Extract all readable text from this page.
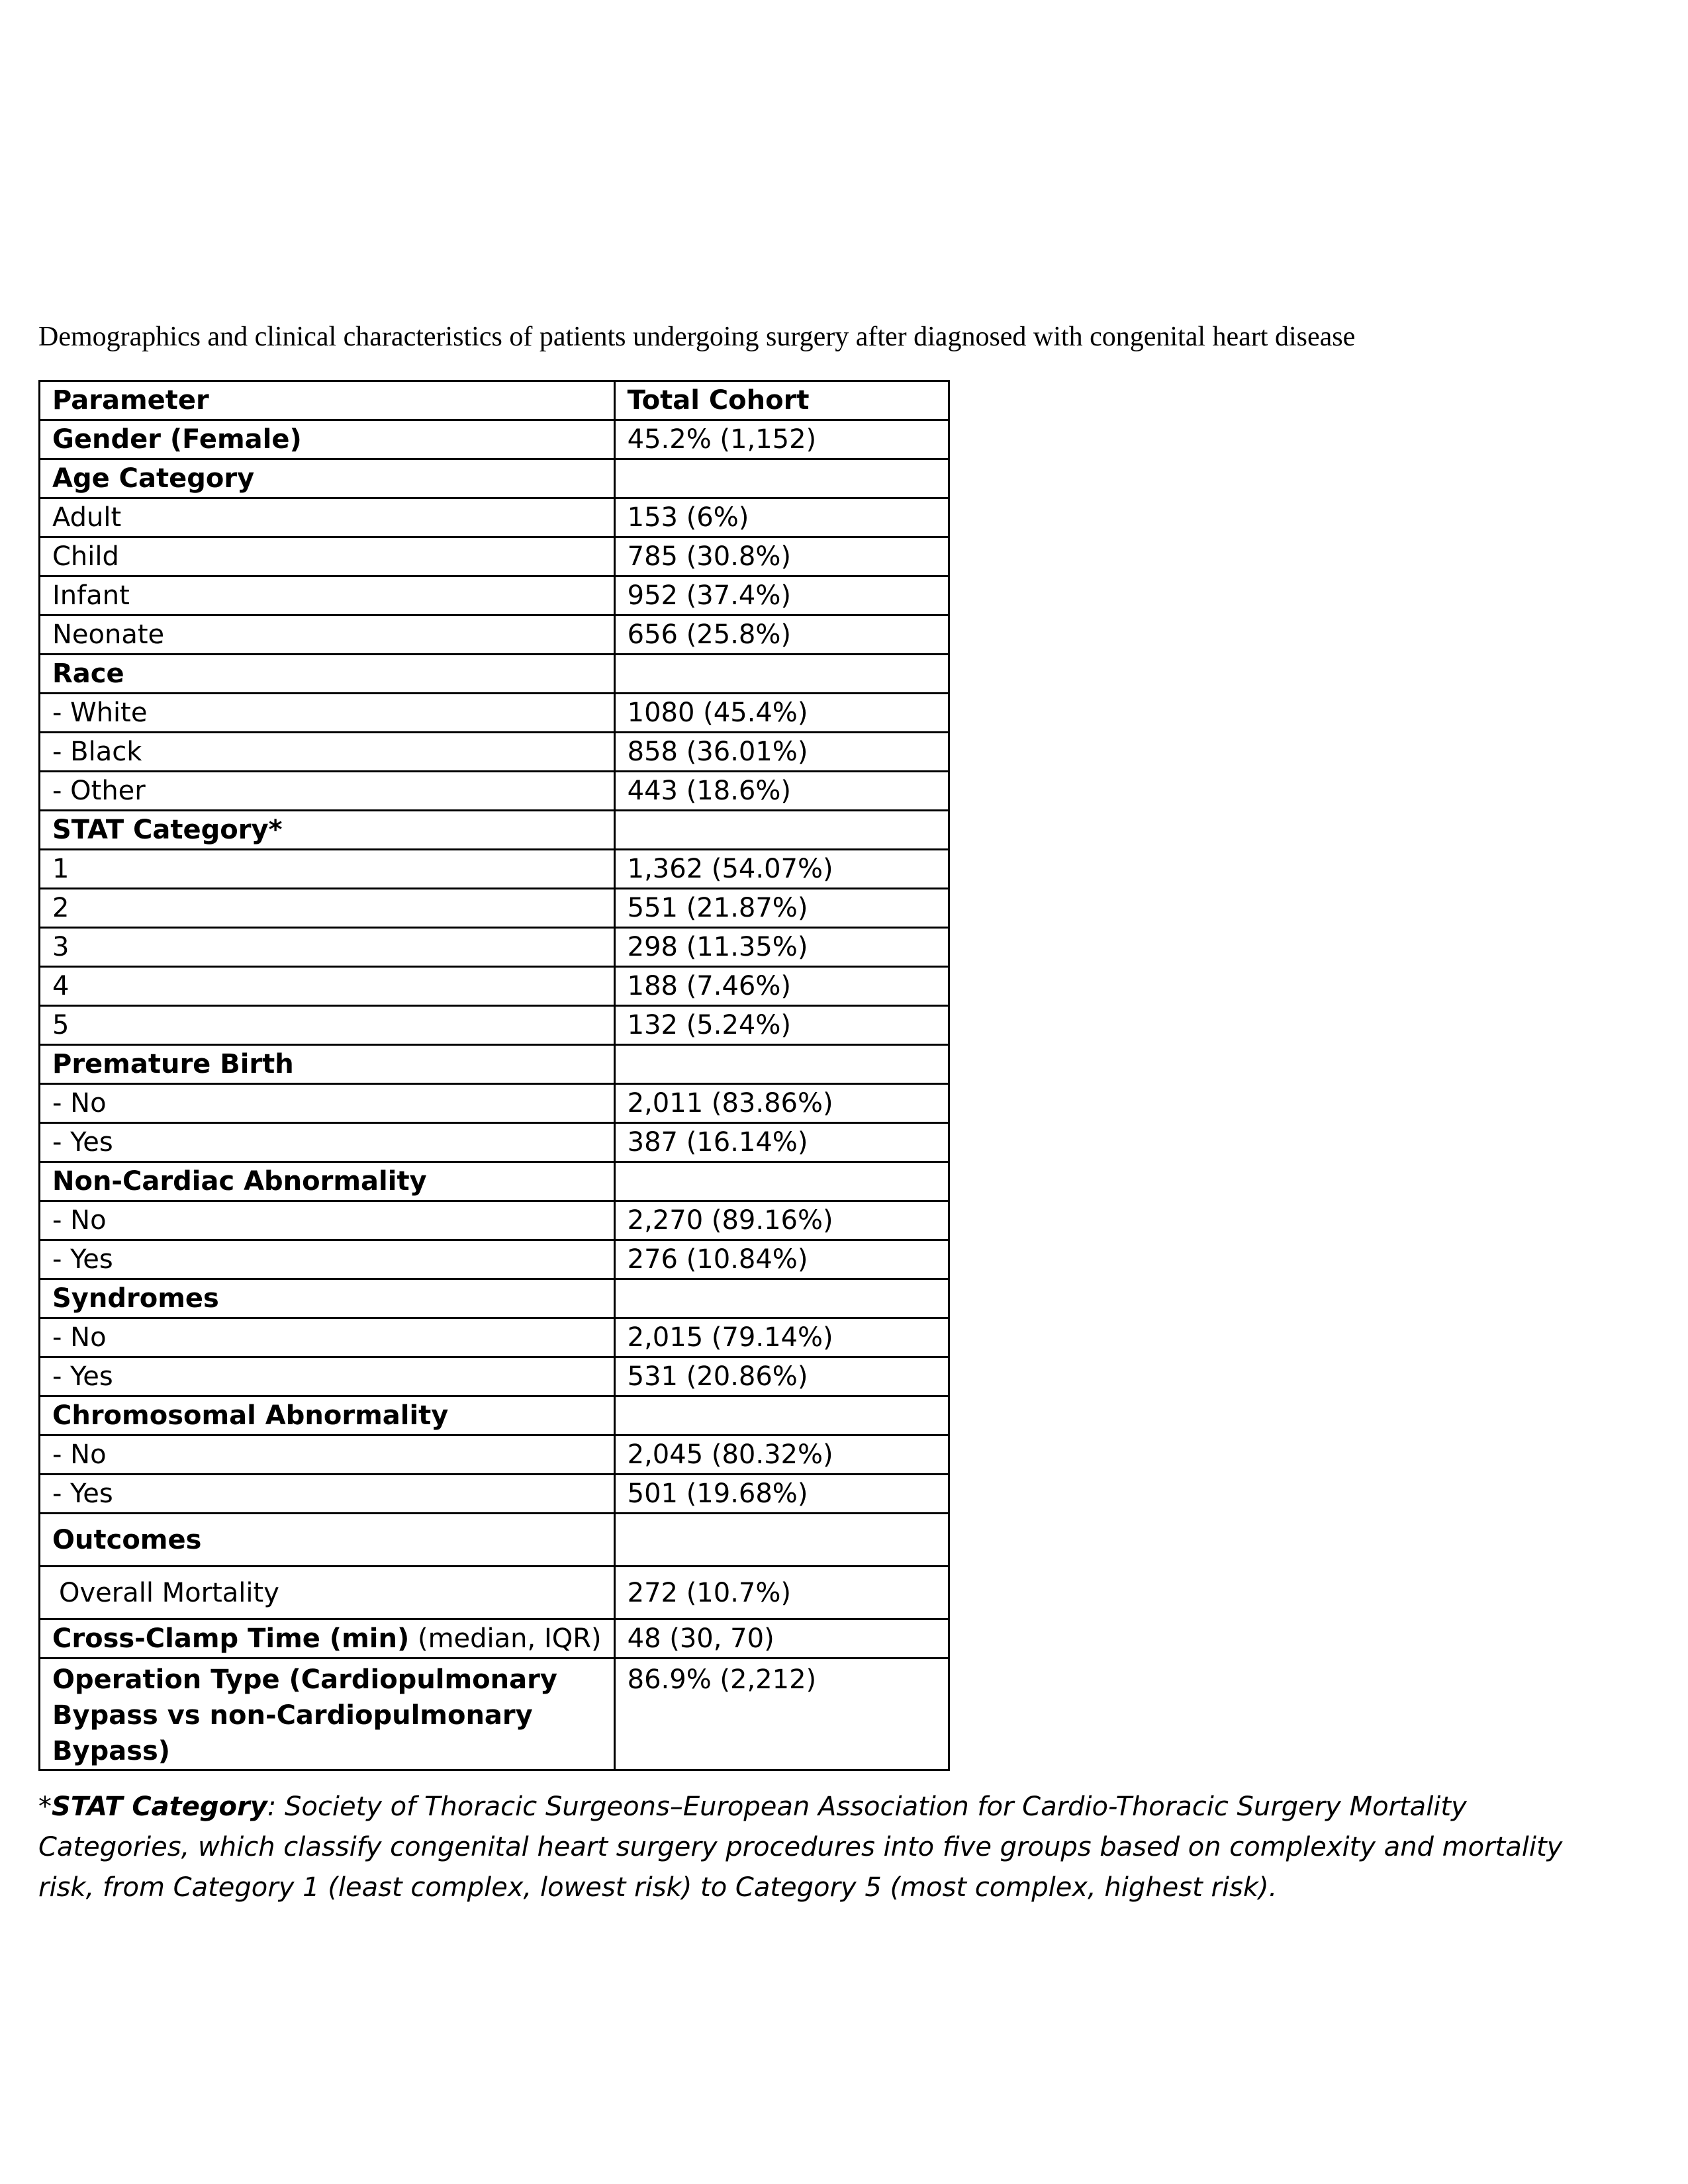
Demographics and clinical characteristics of patients undergoing surgery after diagnosed with congenital heart disease
Parameter	Total Cohort
Gender (Female)	45.2% (1,152)
Age Category	
Adult	153 (6%)
Child	785 (30.8%)
Infant	952 (37.4%)
Neonate	656 (25.8%)
Race	
- White	1080 (45.4%)
- Black	858 (36.01%)
- Other	443 (18.6%)
STAT Category*	
1	1,362 (54.07%)
2	551 (21.87%)
3	298 (11.35%)
4	188 (7.46%)
5	132 (5.24%)
Premature Birth	
- No	2,011 (83.86%)
- Yes	387 (16.14%)
Non-Cardiac Abnormality	
- No	2,270 (89.16%)
- Yes	276 (10.84%)
Syndromes	
- No	2,015 (79.14%)
- Yes	531 (20.86%)
Chromosomal Abnormality	
- No	2,045 (80.32%)
- Yes	501 (19.68%)
Outcomes	
Overall Mortality	272 (10.7%)
Cross-Clamp Time (min) (median, IQR)	48 (30, 70)
Operation Type (Cardiopulmonary Bypass vs non-Cardiopulmonary Bypass)	86.9% (2,212)
*STAT Category: Society of Thoracic Surgeons–European Association for Cardio-Thoracic Surgery Mortality Categories, which classify congenital heart surgery procedures into five groups based on complexity and mortality risk, from Category 1 (least complex, lowest risk) to Category 5 (most complex, highest risk).
